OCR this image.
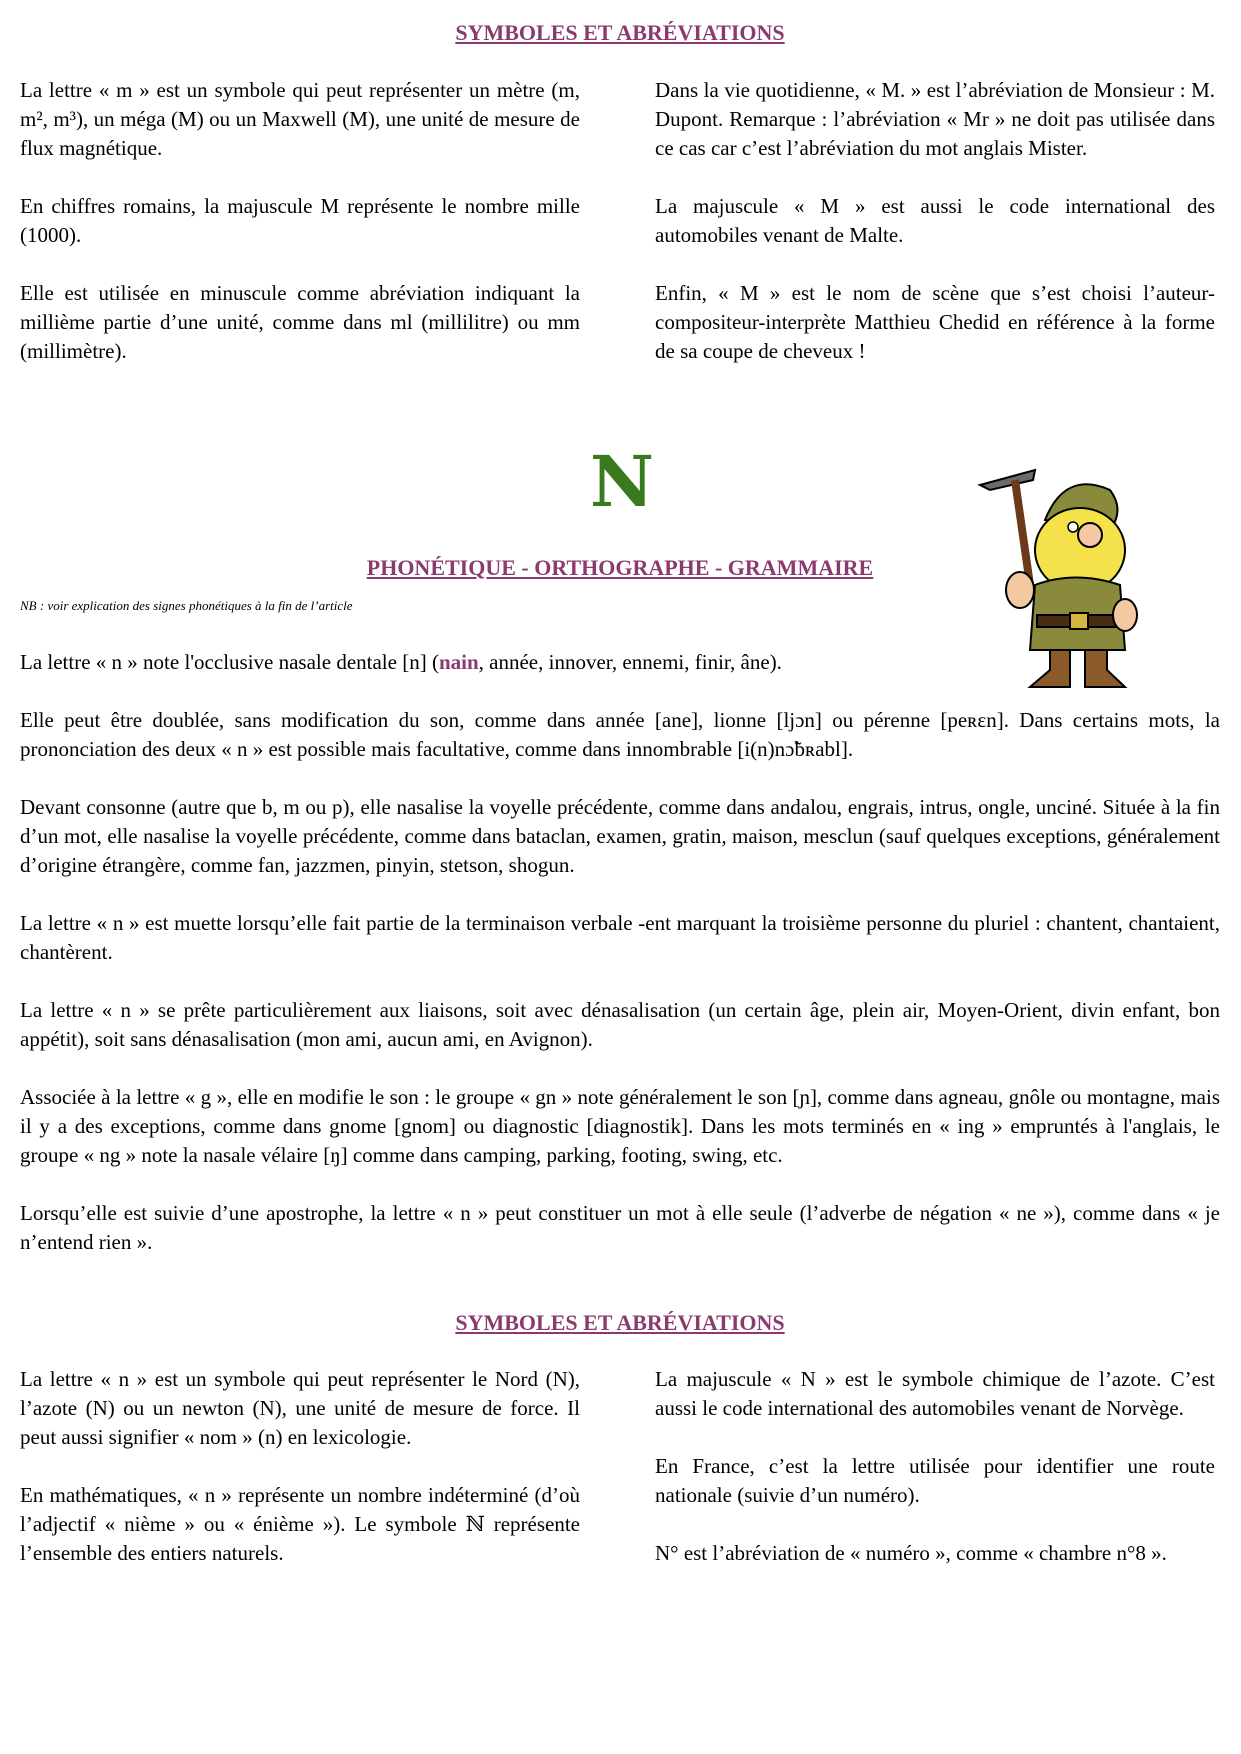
SYMBOLES ET ABRÉVIATIONS

La lettre « m » est un symbole qui peut représenter un mètre (m, m², m³), un méga (M) ou un Maxwell (M), une unité de mesure de flux magnétique.

En chiffres romains, la majuscule M représente le nombre mille (1000).

Elle est utilisée en minuscule comme abréviation indiquant la millième partie d’une unité, comme dans ml (millilitre) ou mm (millimètre).

Dans la vie quotidienne, « M. » est l’abréviation de Monsieur : M. Dupont. Remarque : l’abréviation « Mr » ne doit pas utilisée dans ce cas car c’est l’abréviation du mot anglais Mister.

La majuscule « M » est aussi le code international des automobiles venant de Malte.

Enfin, « M » est le nom de scène que s’est choisi l’auteur-compositeur-interprète Matthieu Chedid en référence à la forme de sa coupe de cheveux !

N
PHONÉTIQUE - ORTHOGRAPHE - GRAMMAIRE
NB : voir explication des signes phonétiques à la fin de l’article

La lettre « n » note l'occlusive nasale dentale [n] (nain, année, innover, ennemi, finir, âne).

Elle peut être doublée, sans modification du son, comme dans année [ane], lionne [ljɔn] ou pérenne [peʀɛn]. Dans certains mots, la prononciation des deux « n » est possible mais facultative, comme dans innombrable [i(n)nɔ̃bʀabl].

Devant consonne (autre que b, m ou p), elle nasalise la voyelle précédente, comme dans andalou, engrais, intrus, ongle, unciné. Située à la fin d’un mot, elle nasalise la voyelle précédente, comme dans bataclan, examen, gratin, maison, mesclun (sauf quelques exceptions, généralement d’origine étrangère, comme fan, jazzmen, pinyin, stetson, shogun.

La lettre « n » est muette lorsqu’elle fait partie de la terminaison verbale -ent marquant la troisième personne du pluriel : chantent, chantaient, chantèrent.

La lettre « n » se prête particulièrement aux liaisons, soit avec dénasalisation (un certain âge, plein air, Moyen-Orient, divin enfant, bon appétit), soit sans dénasalisation (mon ami, aucun ami, en Avignon).

Associée à la lettre « g », elle en modifie le son : le groupe « gn » note généralement le son [ɲ], comme dans agneau, gnôle ou montagne, mais il y a des exceptions, comme dans gnome [gnom] ou diagnostic [diagnostik]. Dans les mots terminés en « ing » empruntés à l'anglais, le groupe « ng » note la nasale vélaire [ŋ] comme dans camping, parking, footing, swing, etc.

Lorsqu’elle est suivie d’une apostrophe, la lettre « n » peut constituer un mot à elle seule (l’adverbe de négation « ne »), comme dans « je n’entend rien ».

SYMBOLES ET ABRÉVIATIONS

La lettre « n » est un symbole qui peut représenter le Nord (N), l’azote (N) ou un newton (N), une unité de mesure de force. Il peut aussi signifier « nom » (n) en lexicologie.

En mathématiques, « n » représente un nombre indéterminé (d’où l’adjectif « nième » ou « énième »). Le symbole ℕ représente l’ensemble des entiers naturels.

La majuscule « N » est le symbole chimique de l’azote. C’est aussi le code international des automobiles venant de Norvège.

En France, c’est la lettre utilisée pour identifier une route nationale (suivie d’un numéro).

N° est l’abréviation de « numéro », comme « chambre n°8 ».
